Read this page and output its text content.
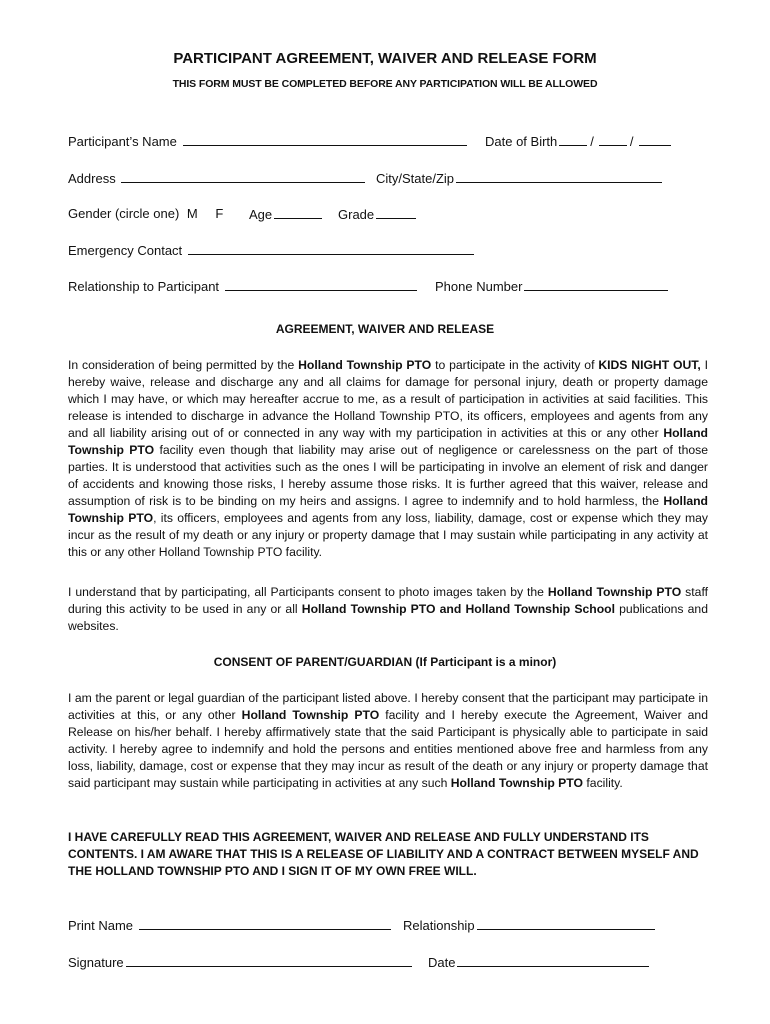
PARTICIPANT AGREEMENT, WAIVER AND RELEASE FORM
THIS FORM MUST BE COMPLETED BEFORE ANY PARTICIPATION WILL BE ALLOWED
Participant’s Name	Date of Birth	/	/
Address	City/State/Zip
Gender (circle one) M F Age	Grade
Emergency Contact
Relationship to Participant	Phone Number
AGREEMENT, WAIVER AND RELEASE
In consideration of being permitted by the Holland Township PTO to participate in the activity of KIDS NIGHT OUT, I hereby waive, release and discharge any and all claims for damage for personal injury, death or property damage which I may have, or which may hereafter accrue to me, as a result of participation in activities at said facilities. This release is intended to discharge in advance the Holland Township PTO, its officers, employees and agents from any and all liability arising out of or connected in any way with my participation in activities at this or any other Holland Township PTO facility even though that liability may arise out of negligence or carelessness on the part of those parties. It is understood that activities such as the ones I will be participating in involve an element of risk and danger of accidents and knowing those risks, I hereby assume those risks. It is further agreed that this waiver, release and assumption of risk is to be binding on my heirs and assigns. I agree to indemnify and to hold harmless, the Holland Township PTO, its officers, employees and agents from any loss, liability, damage, cost or expense which they may incur as the result of my death or any injury or property damage that I may sustain while participating in any activity at this or any other Holland Township PTO facility.
I understand that by participating, all Participants consent to photo images taken by the Holland Township PTO staff during this activity to be used in any or all Holland Township PTO and Holland Township School publications and websites.
CONSENT OF PARENT/GUARDIAN (If Participant is a minor)
I am the parent or legal guardian of the participant listed above. I hereby consent that the participant may participate in activities at this, or any other Holland Township PTO facility and I hereby execute the Agreement, Waiver and Release on his/her behalf. I hereby affirmatively state that the said Participant is physically able to participate in said activity. I hereby agree to indemnify and hold the persons and entities mentioned above free and harmless from any loss, liability, damage, cost or expense that they may incur as result of the death or any injury or property damage that said participant may sustain while participating in activities at any such Holland Township PTO facility.
I HAVE CAREFULLY READ THIS AGREEMENT, WAIVER AND RELEASE AND FULLY UNDERSTAND ITS CONTENTS. I AM AWARE THAT THIS IS A RELEASE OF LIABILITY AND A CONTRACT BETWEEN MYSELF AND THE HOLLAND TOWNSHIP PTO AND I SIGN IT OF MY OWN FREE WILL.
Print Name	Relationship
Signature	Date
